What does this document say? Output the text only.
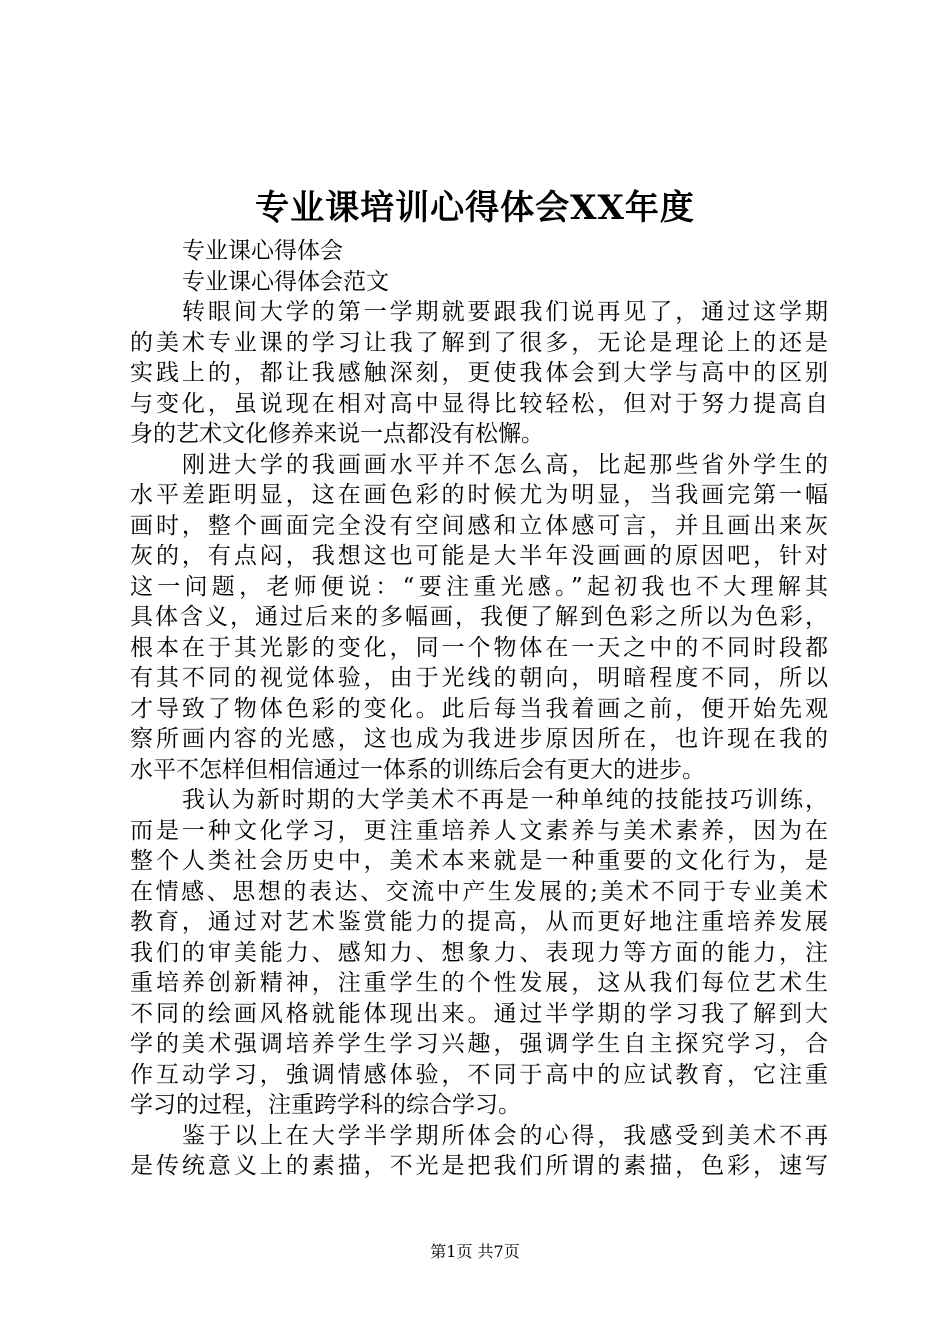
专业课培训心得体会XX年度
专业课心得体会
专业课心得体会范文
转眼间大学的第一学期就要跟我们说再见了，通过这学期
的美术专业课的学习让我了解到了很多，无论是理论上的还是
实践上的，都让我感触深刻，更使我体会到大学与高中的区别
与变化，虽说现在相对高中显得比较轻松，但对于努力提高自
身的艺术文化修养来说一点都没有松懈。
刚进大学的我画画水平并不怎么高，比起那些省外学生的
水平差距明显，这在画色彩的时候尤为明显，当我画完第一幅
画时，整个画面完全没有空间感和立体感可言，并且画出来灰
灰的，有点闷，我想这也可能是大半年没画画的原因吧，针对
这一问题，老师便说：“要注重光感。”起初我也不大理解其
具体含义，通过后来的多幅画，我便了解到色彩之所以为色彩，
根本在于其光影的变化，同一个物体在一天之中的不同时段都
有其不同的视觉体验，由于光线的朝向，明暗程度不同，所以
才导致了物体色彩的变化。此后每当我着画之前，便开始先观
察所画内容的光感，这也成为我进步原因所在，也许现在我的
水平不怎样但相信通过一体系的训练后会有更大的进步。
我认为新时期的大学美术不再是一种单纯的技能技巧训练，
而是一种文化学习，更注重培养人文素养与美术素养，因为在
整个人类社会历史中，美术本来就是一种重要的文化行为，是
在情感、思想的表达、交流中产生发展的;美术不同于专业美术
教育，通过对艺术鉴赏能力的提高，从而更好地注重培养发展
我们的审美能力、感知力、想象力、表现力等方面的能力，注
重培养创新精神，注重学生的个性发展，这从我们每位艺术生
不同的绘画风格就能体现出来。通过半学期的学习我了解到大
学的美术强调培养学生学习兴趣，强调学生自主探究学习，合
作互动学习，強调情感体验，不同于高中的应试教育，它注重
学习的过程，注重跨学科的综合学习。
鉴于以上在大学半学期所体会的心得，我感受到美术不再
是传统意义上的素描，不光是把我们所谓的素描，色彩，速写
第1页 共7页
